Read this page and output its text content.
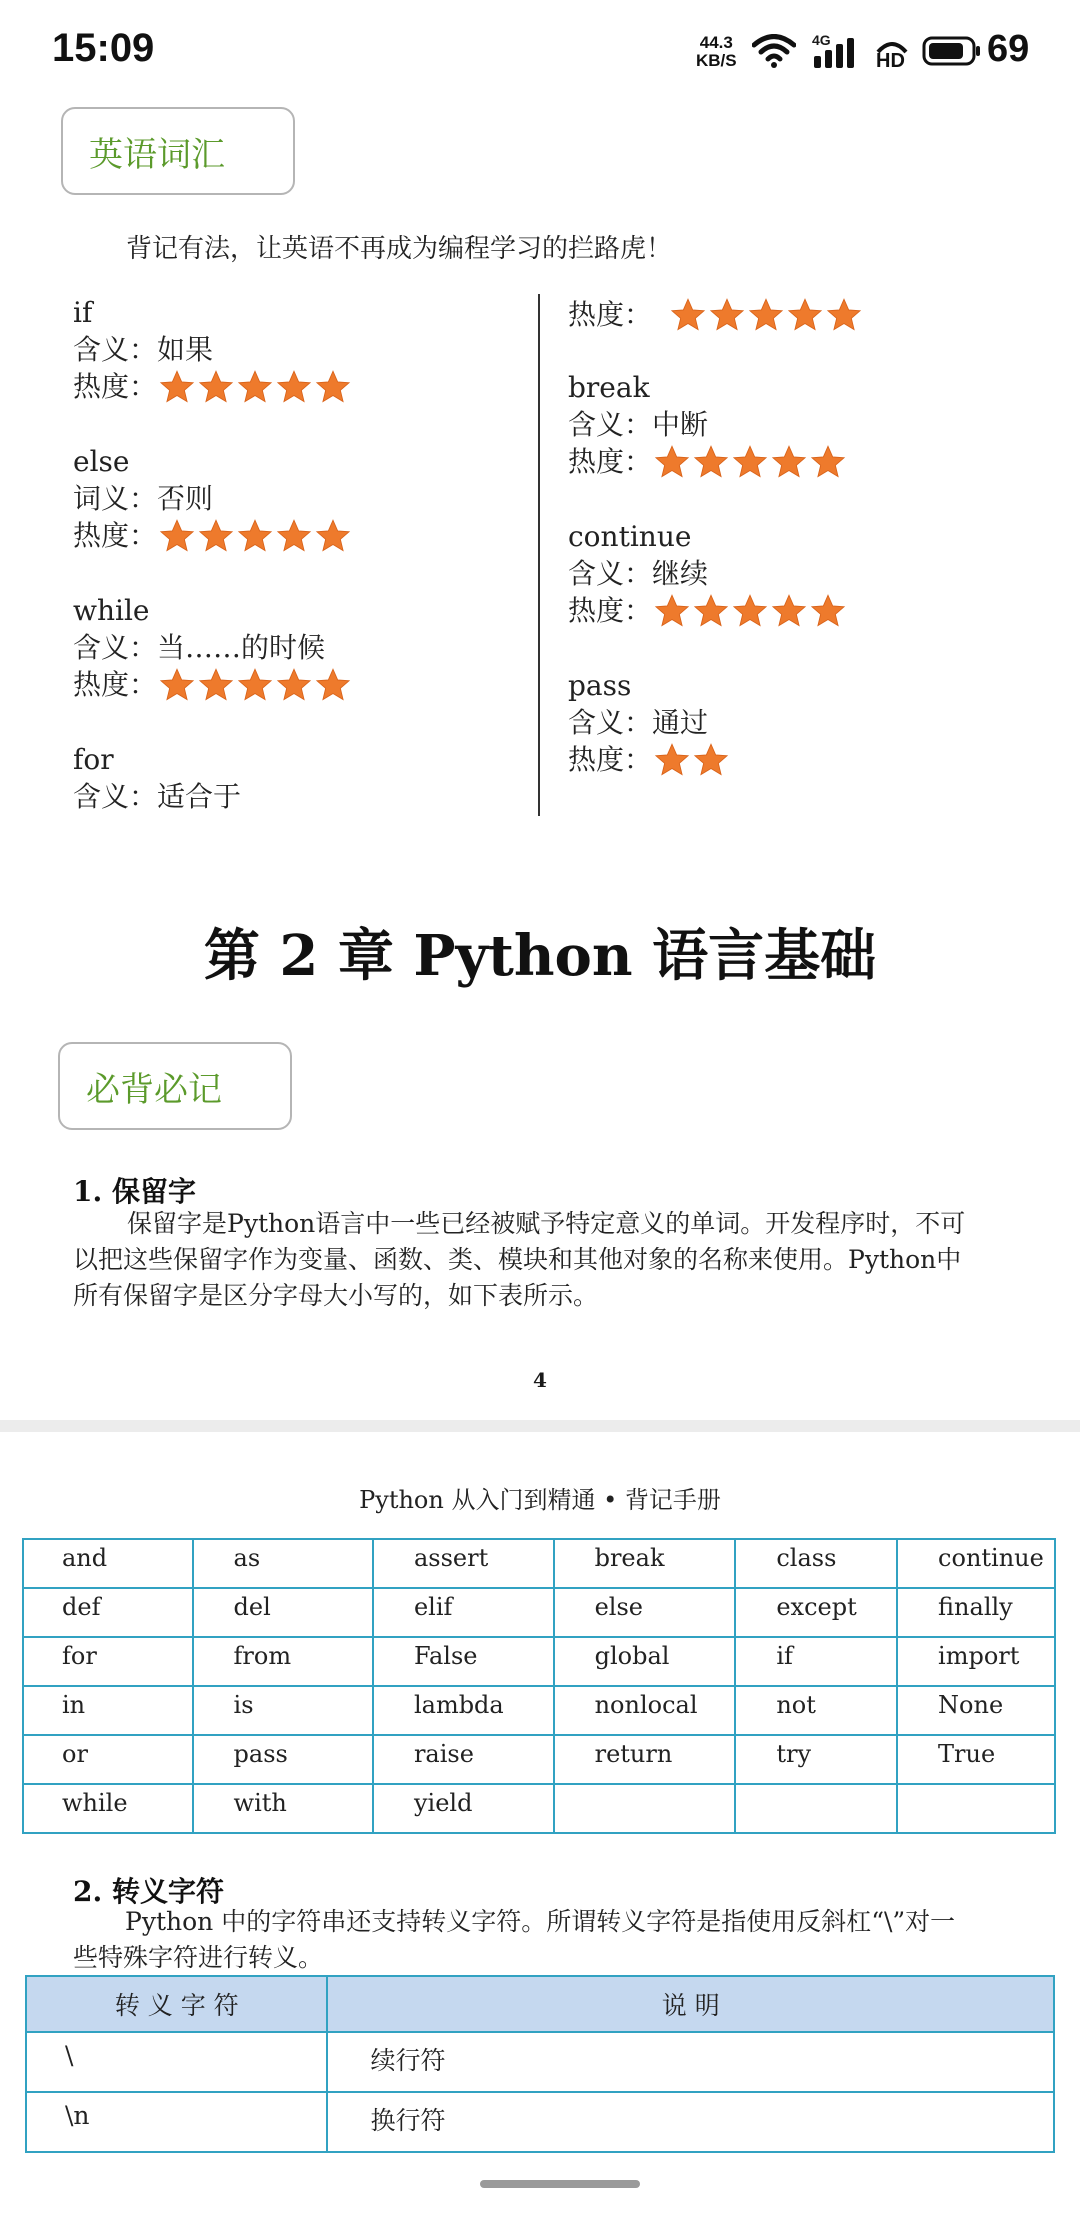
15:09	44.3
KB/S
4G
HD 69
英语词汇
背记有法，让英语不再成为编程学习的拦路虎！
if
含义： 如果
热度：
else
词义： 否则
热度：
while
含义： 当……的时候
热度：
for
含义： 适合于
热度：
break
含义： 中断
热度：
continue
含义： 继续
热度：
pass
含义： 通过
热度：
第 2 章 Python 语言基础
必背必记
1. 保留字
保留字是Python语言中一些已经被赋予特定意义的单词。开发程序时，不可
以把这些保留字作为变量、函数、类、模块和其他对象的名称来使用。Python中
所有保留字是区分字母大小写的，如下表所示。
4
Python 从入门到精通 • 背记手册
and	as	assert	break	class	continue
def	del	elif	else	except	finally
for	from	False	global	if	import
in	is	lambda	nonlocal	not	None
or	pass	raise	return	try	True
while	with	yield			
2. 转义字符
Python 中的字符串还支持转义字符。所谓转义字符是指使用反斜杠“\”对一
些特殊字符进行转义。
转 义 字 符	说 明
\	续行符
\n	换行符
